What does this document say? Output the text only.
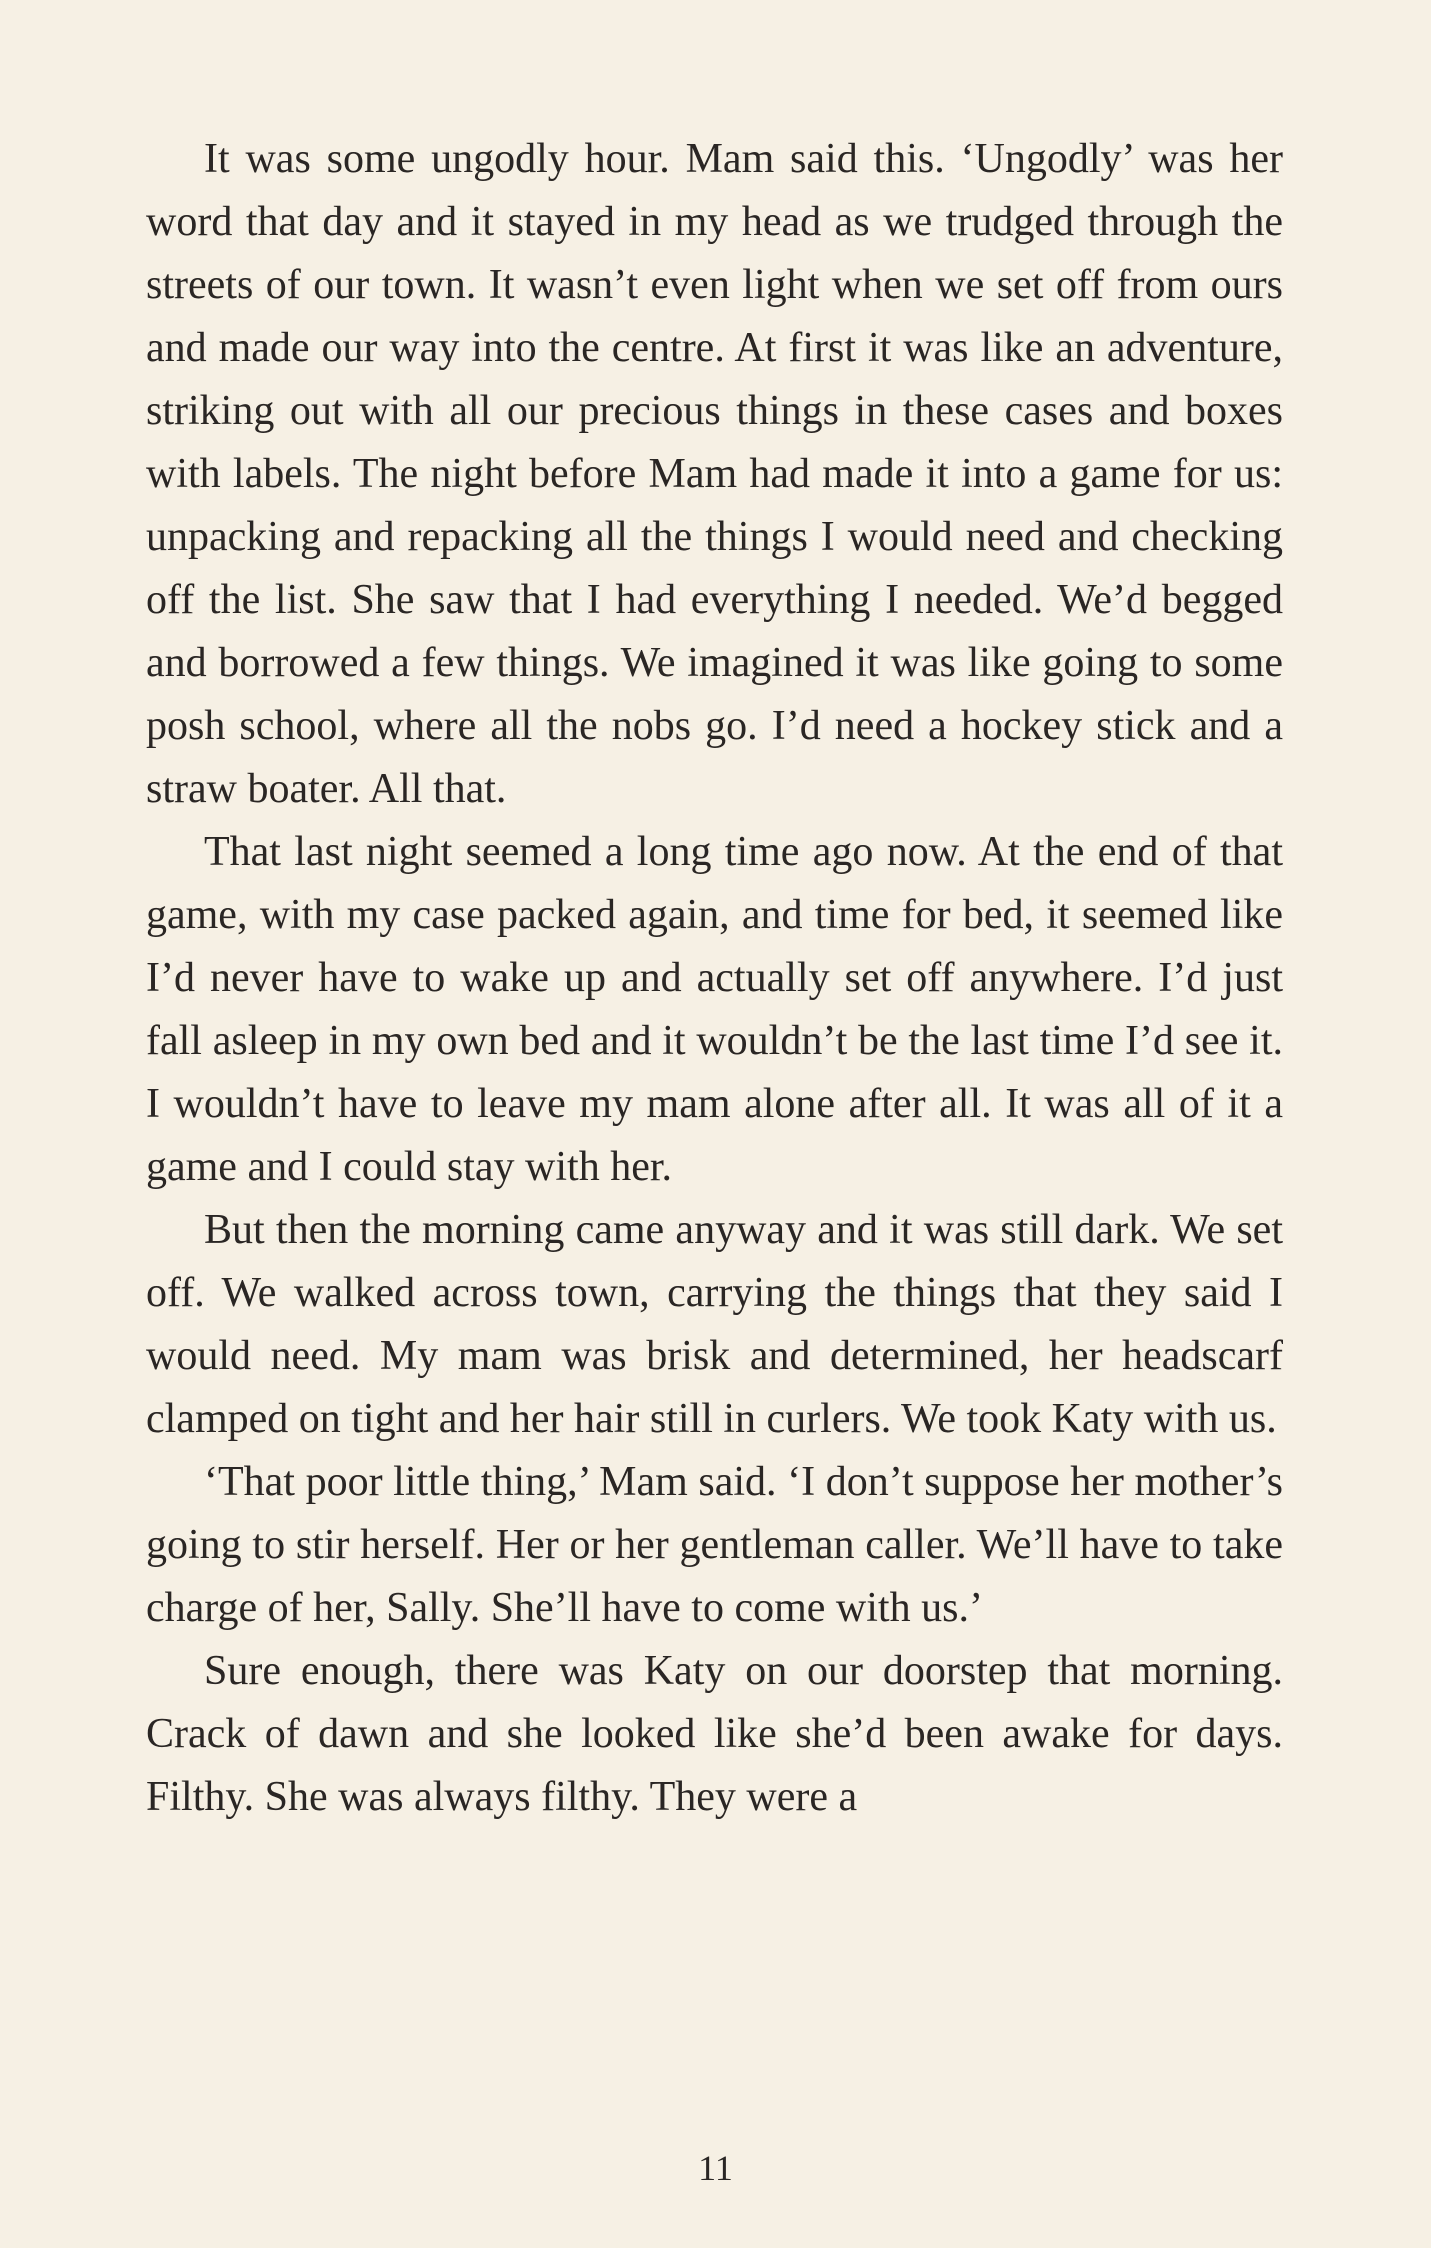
It was some ungodly hour. Mam said this. ‘Ungodly’ was her word that day and it stayed in my head as we trudged through the streets of our town. It wasn’t even light when we set off from ours and made our way into the centre. At first it was like an adventure, striking out with all our precious things in these cases and boxes with labels. The night before Mam had made it into a game for us: unpacking and repacking all the things I would need and checking off the list. She saw that I had everything I needed. We’d begged and borrowed a few things. We imagined it was like going to some posh school, where all the nobs go. I’d need a hockey stick and a straw boater. All that.

That last night seemed a long time ago now. At the end of that game, with my case packed again, and time for bed, it seemed like I’d never have to wake up and actually set off anywhere. I’d just fall asleep in my own bed and it wouldn’t be the last time I’d see it. I wouldn’t have to leave my mam alone after all. It was all of it a game and I could stay with her.

But then the morning came anyway and it was still dark. We set off. We walked across town, carrying the things that they said I would need. My mam was brisk and determined, her headscarf clamped on tight and her hair still in curlers. We took Katy with us.

‘That poor little thing,’ Mam said. ‘I don’t suppose her mother’s going to stir herself. Her or her gentleman caller. We’ll have to take charge of her, Sally. She’ll have to come with us.’

Sure enough, there was Katy on our doorstep that morning. Crack of dawn and she looked like she’d been awake for days. Filthy. She was always filthy. They were a

11
